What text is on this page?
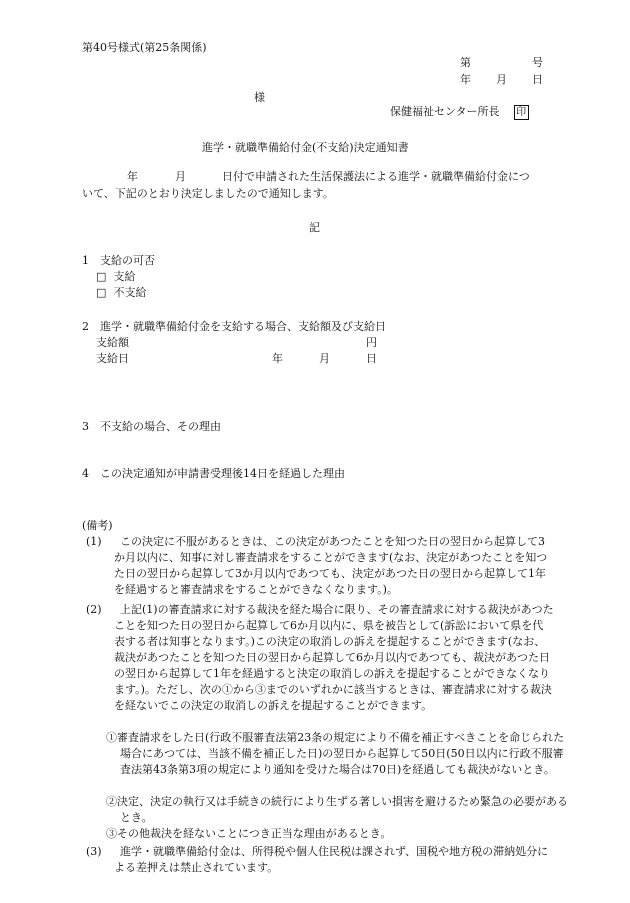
第40号様式(第25条関係)
第	号
年 月 日
様
保健福祉センター所長 印
進学・就職準備給付金(不支給)決定通知書
年	月	日付で申請された生活保護法による進学・就職準備給付金につ
いて、下記のとおり決定しましたので通知します。
記
1　支給の可否
□ 支給
□ 不支給
2　進学・就職準備給付金を支給する場合、支給額及び支給日
支給額	円
支給日	年	月	日
3　不支給の場合、その理由
4　この決定通知が申請書受理後14日を経過した理由
(備考)
(1)	この決定に不服があるときは、この決定があつたことを知つた日の翌日から起算して3か月以内に、知事に対し審査請求をすることができます(なお、決定があつたことを知つた日の翌日から起算して3か月以内であつても、決定があつた日の翌日から起算して1年を経過すると審査請求をすることができなくなります。)。
(2)	上記(1)の審査請求に対する裁決を経た場合に限り、その審査請求に対する裁決があつたことを知つた日の翌日から起算して6か月以内に、県を被告として(訴訟において県を代表する者は知事となります。)この決定の取消しの訴えを提起することができます(なお、裁決があつたことを知つた日の翌日から起算して6か月以内であつても、裁決があつた日の翌日から起算して1年を経過すると決定の取消しの訴えを提起することができなくなります。)。ただし、次の①から③までのいずれかに該当するときは、審査請求に対する裁決を経ないでこの決定の取消しの訴えを提起することができます。
①審査請求をした日(行政不服審査法第23条の規定により不備を補正すべきことを命じられた場合にあつては、当該不備を補正した日)の翌日から起算して50日(50日以内に行政不服審査法第43条第3項の規定により通知を受けた場合は70日)を経過しても裁決がないとき。
②決定、決定の執行又は手続きの続行により生ずる著しい損害を避けるため緊急の必要があるとき。
③その他裁決を経ないことにつき正当な理由があるとき。
(3)	進学・就職準備給付金は、所得税や個人住民税は課されず、国税や地方税の滞納処分による差押えは禁止されています。
